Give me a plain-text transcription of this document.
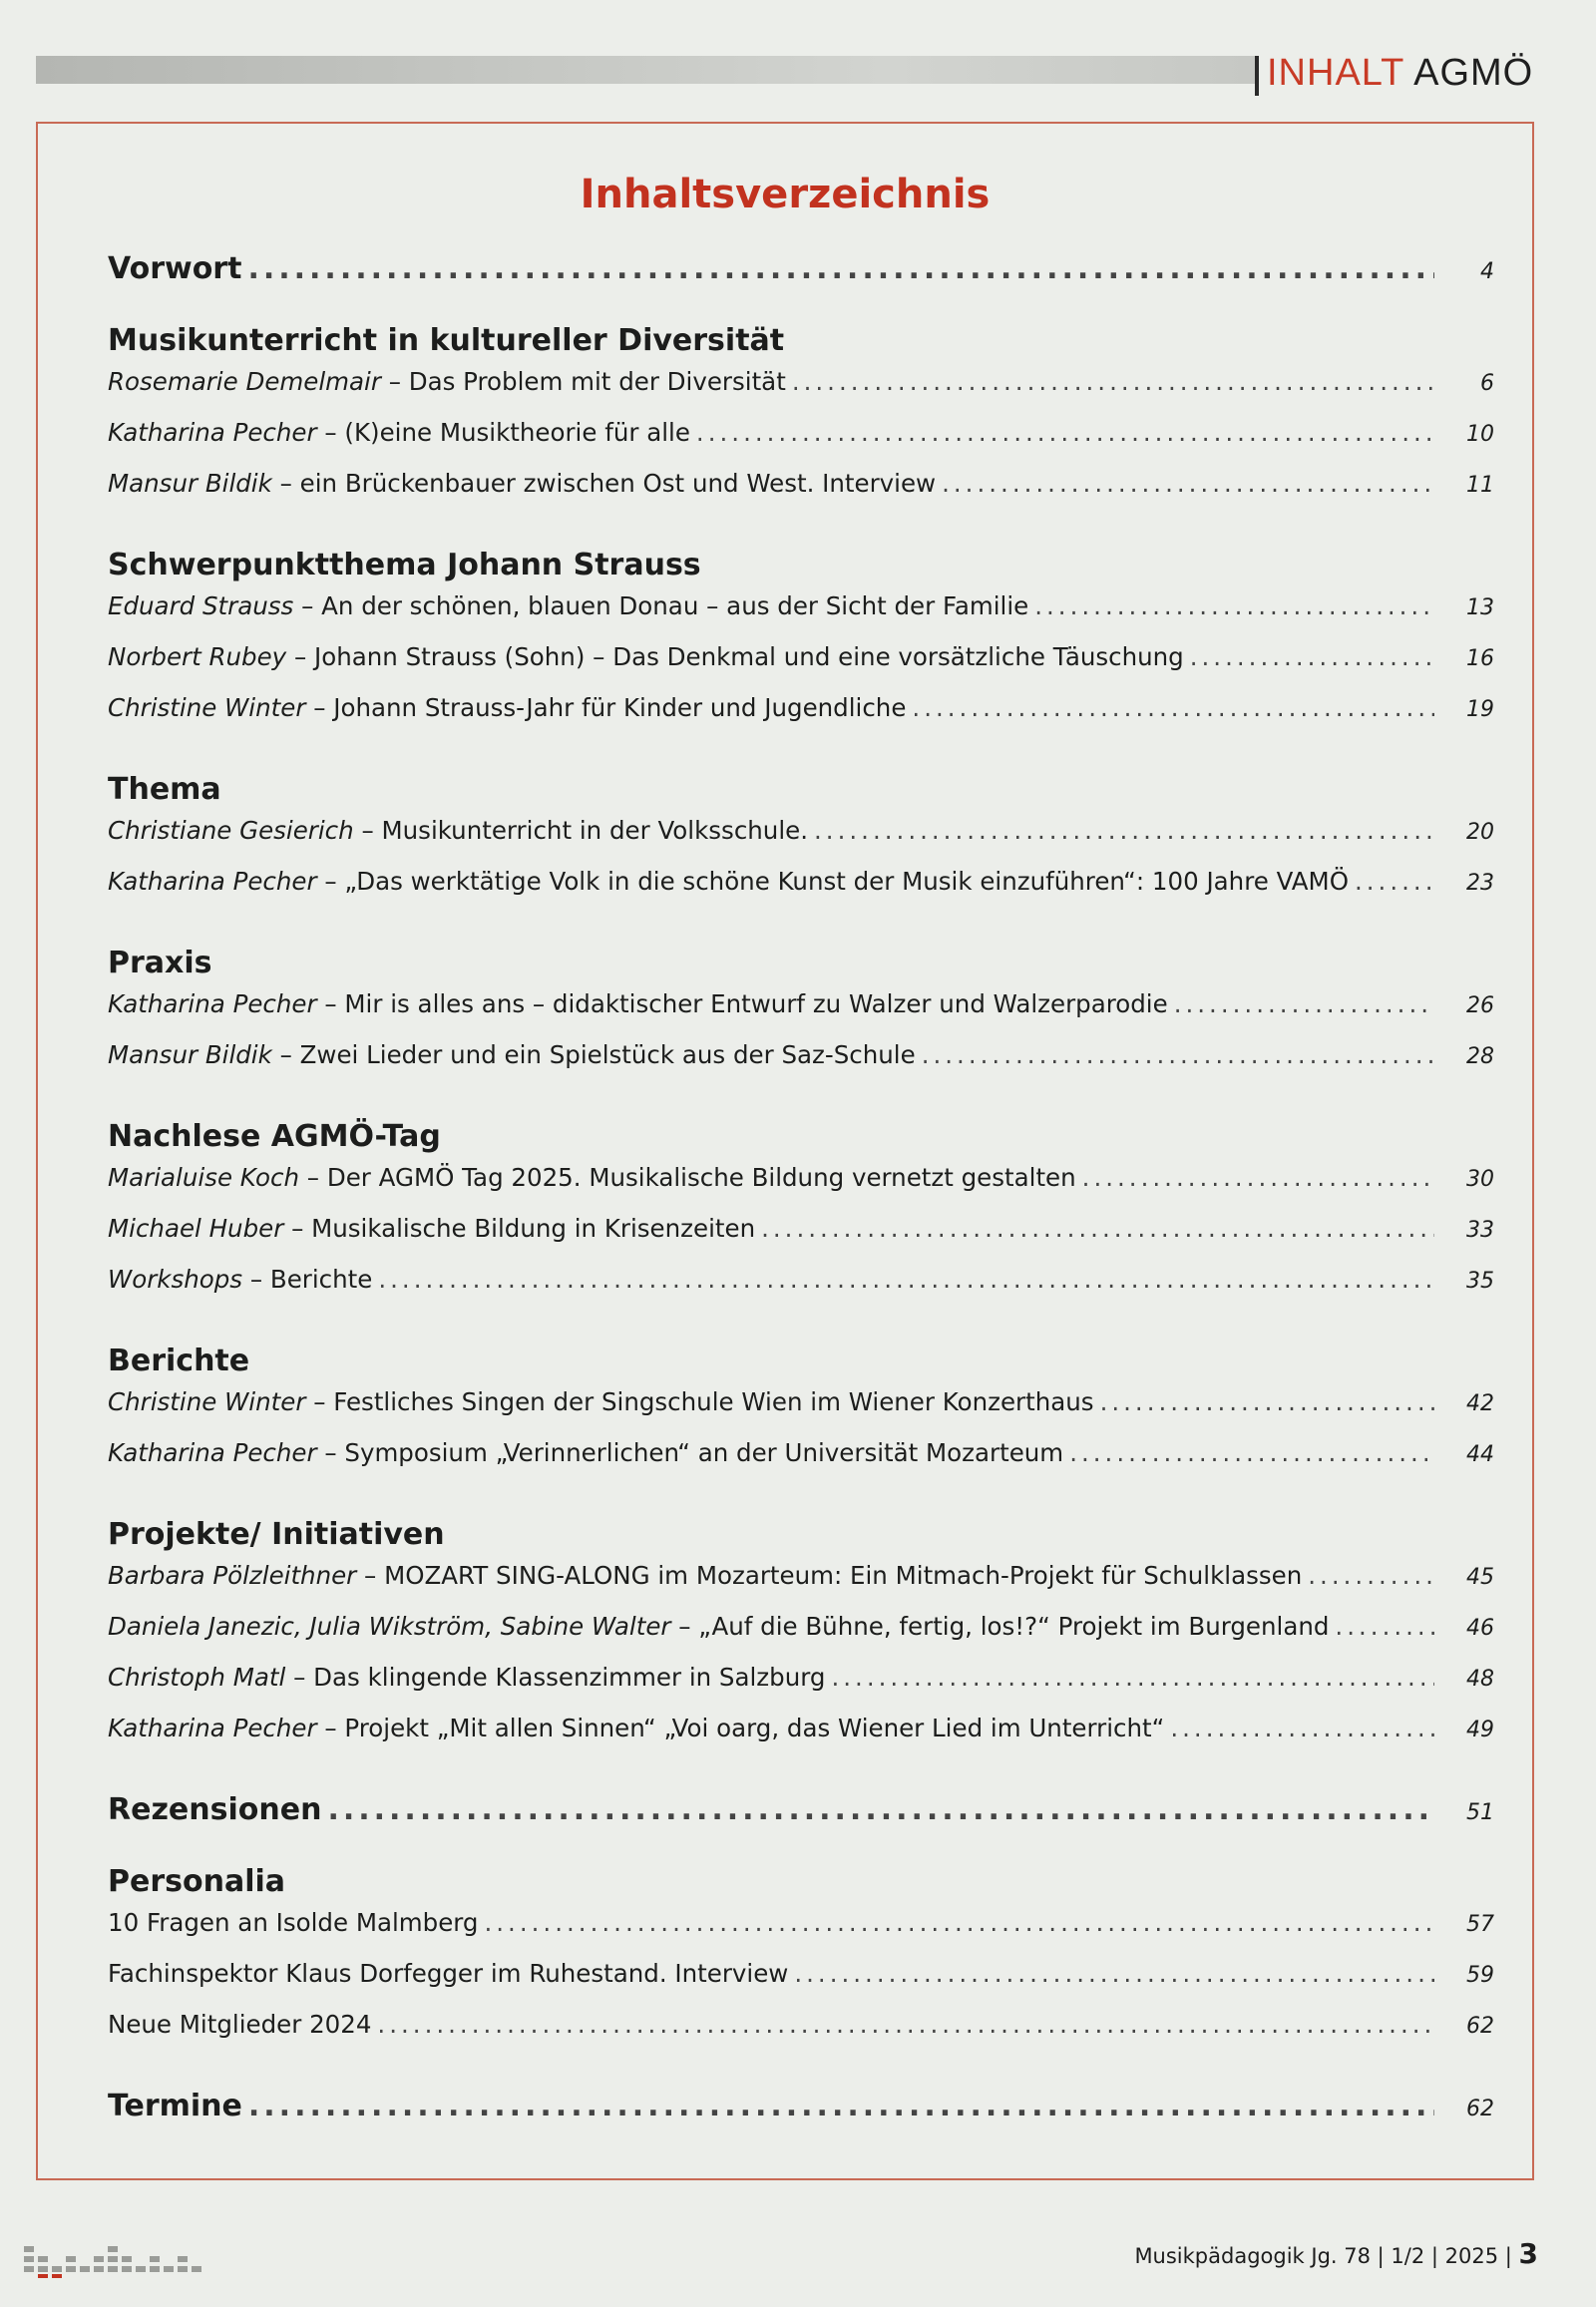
INHALT AGMÖ
Inhaltsverzeichnis
Vorwort .....	4
Musikunterricht in kultureller Diversität
Rosemarie Demelmair – Das Problem mit der Diversität .....	6
Katharina Pecher – (K)eine Musiktheorie für alle .....	10
Mansur Bildik – ein Brückenbauer zwischen Ost und West. Interview .....	11
Schwerpunktthema Johann Strauss
Eduard Strauss – An der schönen, blauen Donau – aus der Sicht der Familie .....	13
Norbert Rubey – Johann Strauss (Sohn) – Das Denkmal und eine vorsätzliche Täuschung .....	16
Christine Winter – Johann Strauss-Jahr für Kinder und Jugendliche .....	19
Thema
Christiane Gesierich – Musikunterricht in der Volksschule. .....	20
Katharina Pecher – „Das werktätige Volk in die schöne Kunst der Musik einzuführen“: 100 Jahre VAMÖ .....	23
Praxis
Katharina Pecher – Mir is alles ans – didaktischer Entwurf zu Walzer und Walzerparodie .....	26
Mansur Bildik – Zwei Lieder und ein Spielstück aus der Saz-Schule .....	28
Nachlese AGMÖ-Tag
Marialuise Koch – Der AGMÖ Tag 2025. Musikalische Bildung vernetzt gestalten .....	30
Michael Huber – Musikalische Bildung in Krisenzeiten .....	33
Workshops – Berichte .....	35
Berichte
Christine Winter – Festliches Singen der Singschule Wien im Wiener Konzerthaus .....	42
Katharina Pecher – Symposium „Verinnerlichen“ an der Universität Mozarteum .....	44
Projekte/ Initiativen
Barbara Pölzleithner – MOZART SING-ALONG im Mozarteum: Ein Mitmach-Projekt für Schulklassen .....	45
Daniela Janezic, Julia Wikström, Sabine Walter – „Auf die Bühne, fertig, los!?“ Projekt im Burgenland .....	46
Christoph Matl – Das klingende Klassenzimmer in Salzburg .....	48
Katharina Pecher – Projekt „Mit allen Sinnen“ „Voi oarg, das Wiener Lied im Unterricht“ .....	49
Rezensionen .....	51
Personalia
10 Fragen an Isolde Malmberg .....	57
Fachinspektor Klaus Dorfegger im Ruhestand. Interview .....	59
Neue Mitglieder 2024 .....	62
Termine .....	62
Musikpädagogik Jg. 78 | 1/2 | 2025 | 3
